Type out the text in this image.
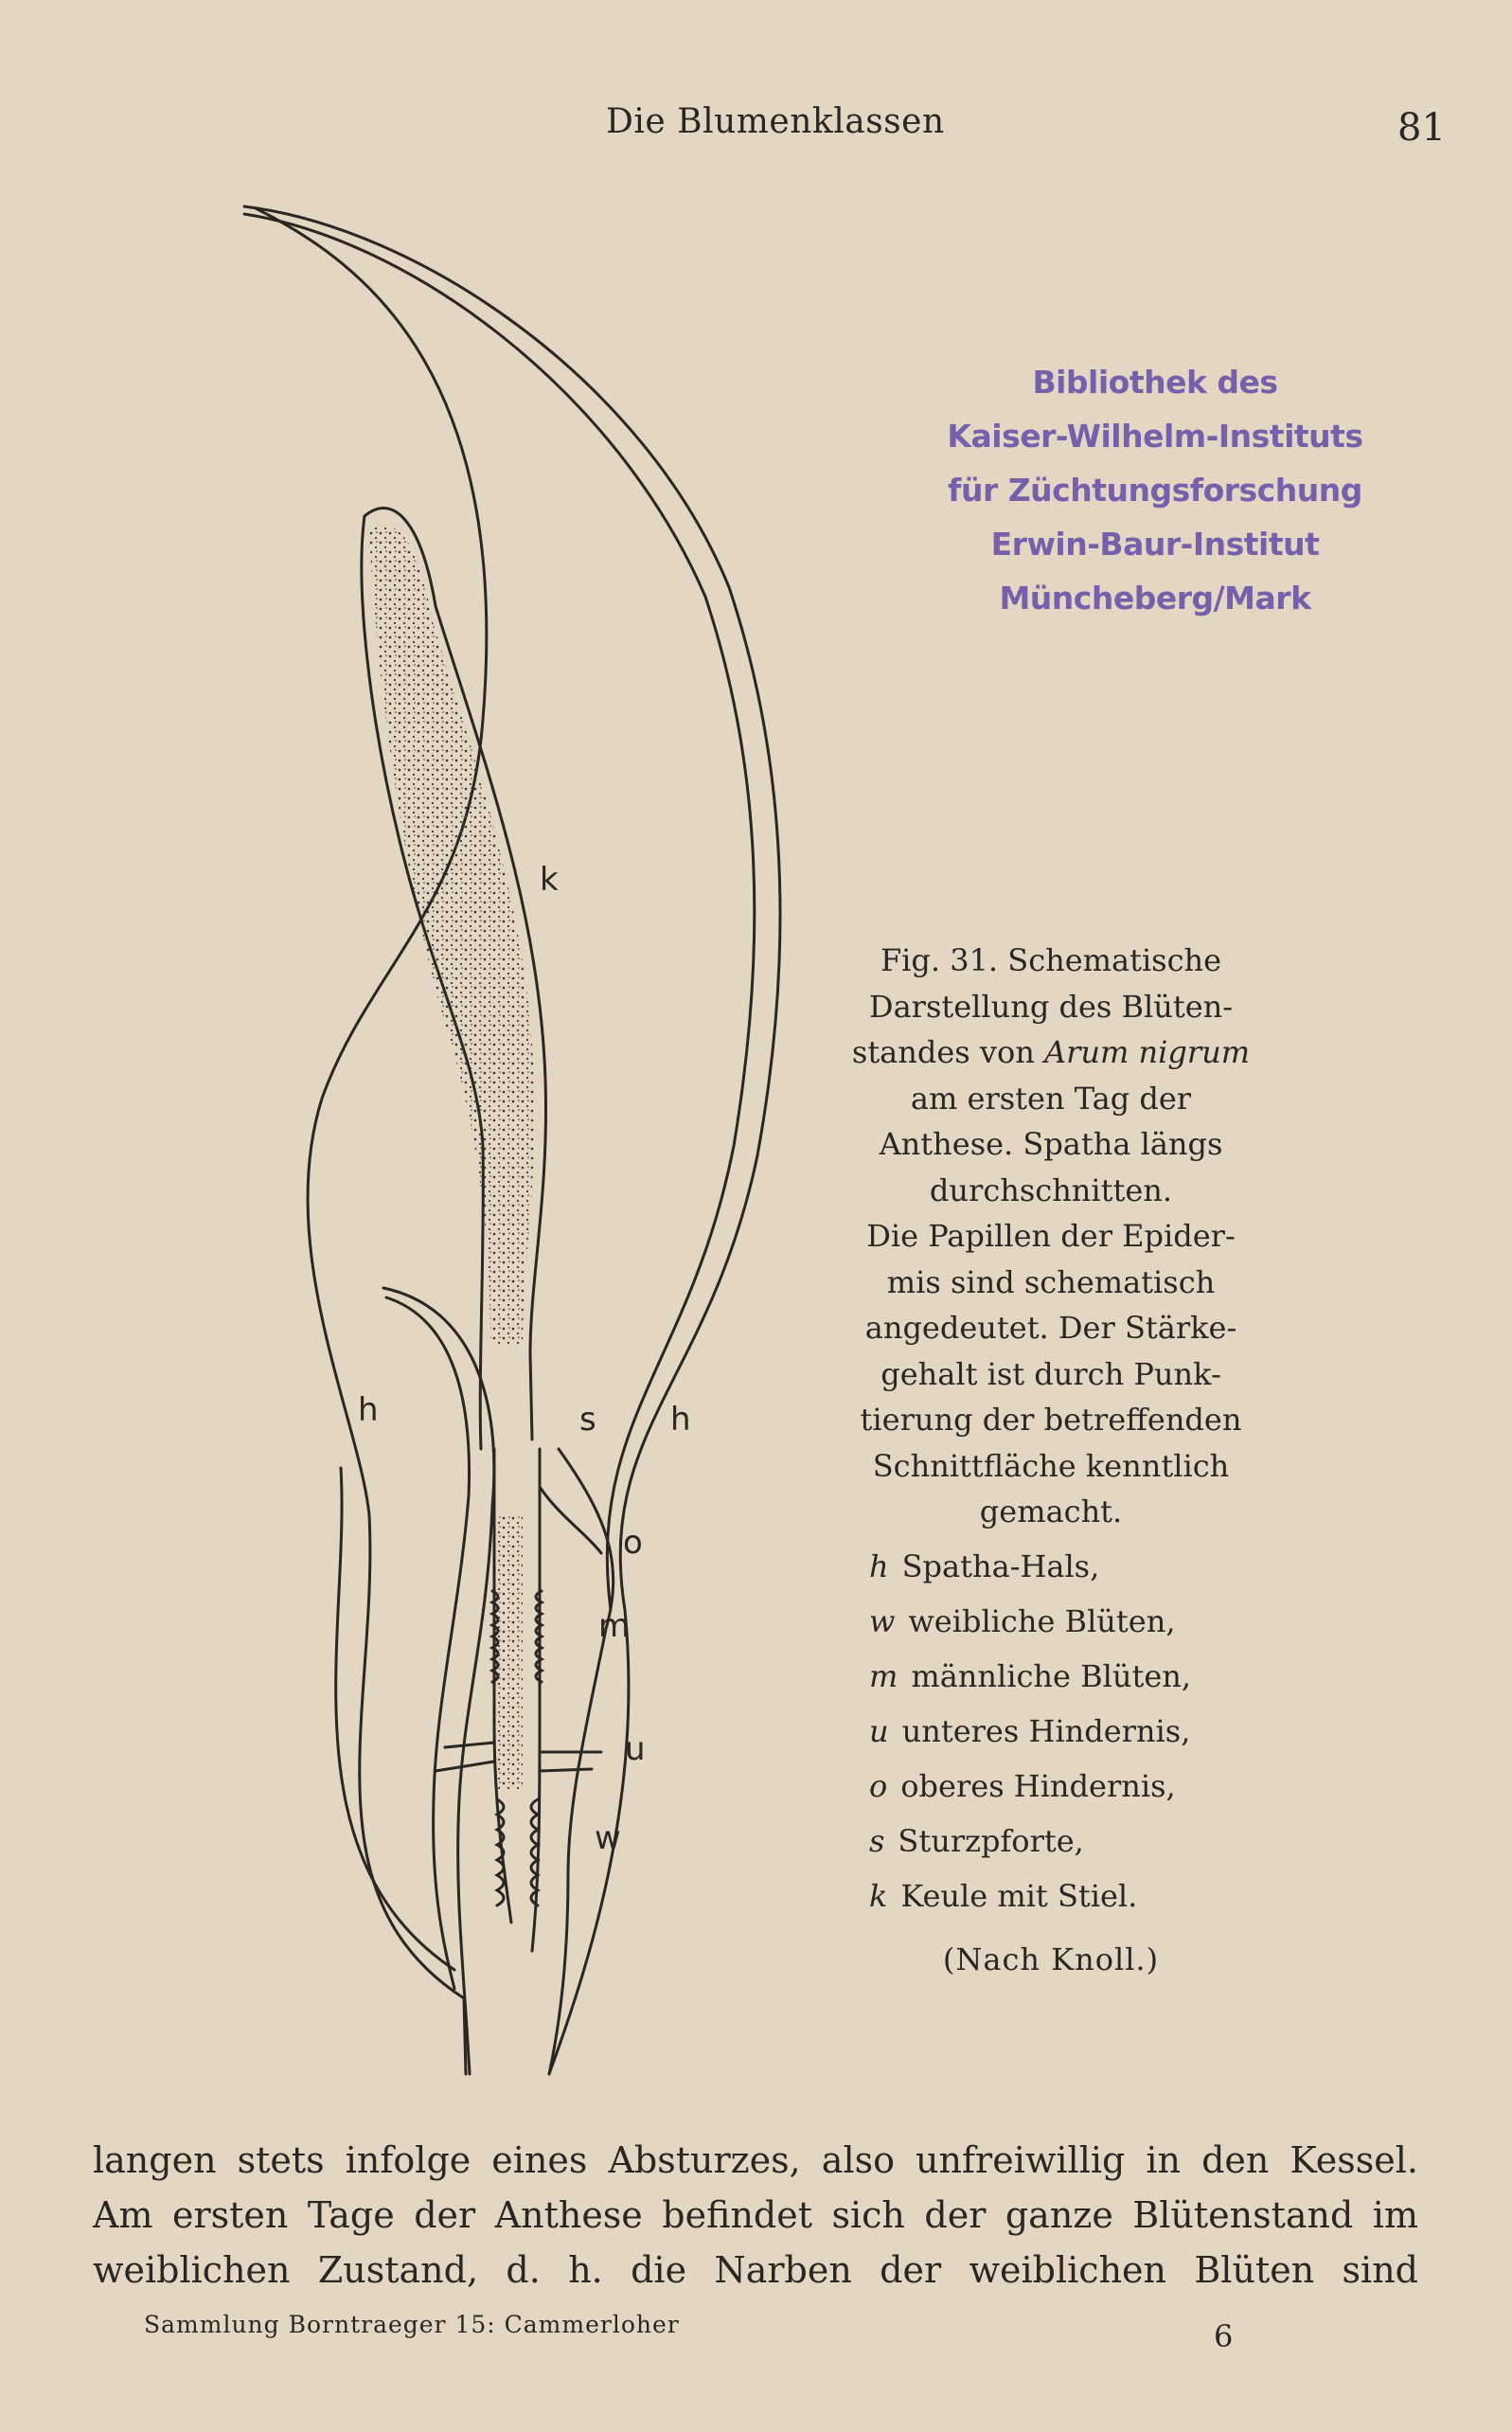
Die Blumenklassen	81
Bibliothek des
Kaiser-Wilhelm-Instituts
für Züchtungsforschung
Erwin-Baur-Institut
Müncheberg/Mark
k
h	s h
o
m
u
w

Fig. 31. Schematische

Darstellung des Blüten-

standes von Arum nigrum

am ersten Tag der

Anthese. Spatha längs

durchschnitten.

Die Papillen der Epider-

mis sind schematisch

angedeutet. Der Stärke-

gehalt ist durch Punk-

tierung der betreffenden

Schnittfläche kenntlich

gemacht.

h Spatha-Hals,
w weibliche Blüten,
m männliche Blüten,
u unteres Hindernis,
o oberes Hindernis,
s Sturzpforte,
k Keule mit Stiel.
(Nach Knoll.)

langen stets infolge eines Absturzes, also unfreiwillig in den Kessel.

Am ersten Tage der Anthese befindet sich der ganze Blütenstand im

weiblichen Zustand, d. h. die Narben der weiblichen Blüten sind

Sammlung Borntraeger 15: Cammerloher	6
